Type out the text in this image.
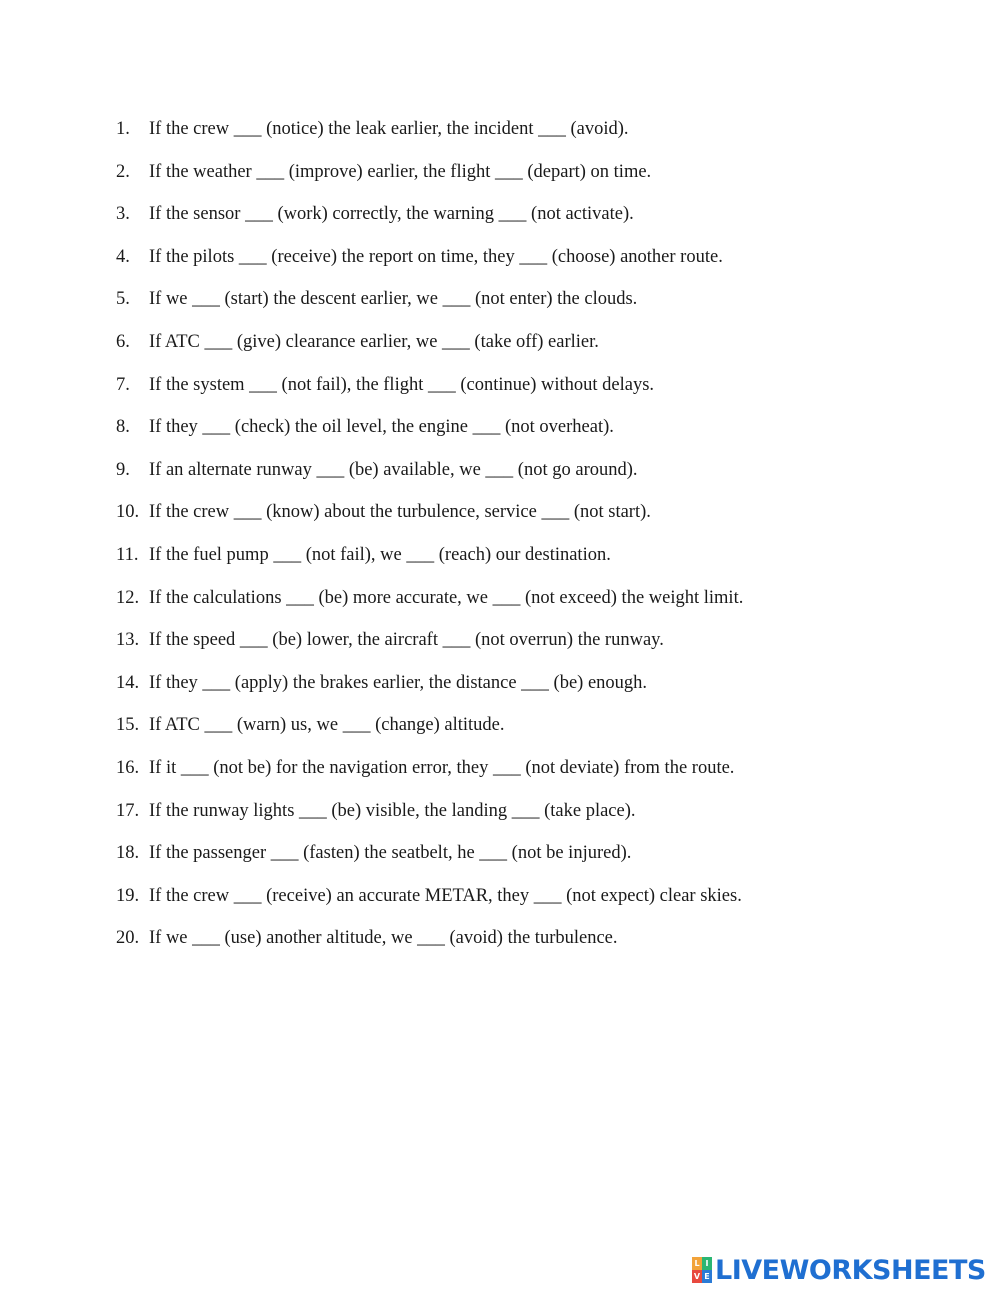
1. If the crew ___ (notice) the leak earlier, the incident ___ (avoid).
2. If the weather ___ (improve) earlier, the flight ___ (depart) on time.
3. If the sensor ___ (work) correctly, the warning ___ (not activate).
4. If the pilots ___ (receive) the report on time, they ___ (choose) another route.
5. If we ___ (start) the descent earlier, we ___ (not enter) the clouds.
6. If ATC ___ (give) clearance earlier, we ___ (take off) earlier.
7. If the system ___ (not fail), the flight ___ (continue) without delays.
8. If they ___ (check) the oil level, the engine ___ (not overheat).
9. If an alternate runway ___ (be) available, we ___ (not go around).
10. If the crew ___ (know) about the turbulence, service ___ (not start).
11. If the fuel pump ___ (not fail), we ___ (reach) our destination.
12. If the calculations ___ (be) more accurate, we ___ (not exceed) the weight limit.
13. If the speed ___ (be) lower, the aircraft ___ (not overrun) the runway.
14. If they ___ (apply) the brakes earlier, the distance ___ (be) enough.
15. If ATC ___ (warn) us, we ___ (change) altitude.
16. If it ___ (not be) for the navigation error, they ___ (not deviate) from the route.
17. If the runway lights ___ (be) visible, the landing ___ (take place).
18. If the passenger ___ (fasten) the seatbelt, he ___ (not be injured).
19. If the crew ___ (receive) an accurate METAR, they ___ (not expect) clear skies.
20. If we ___ (use) another altitude, we ___ (avoid) the turbulence.
L I
V E LIVEWORKSHEETS
